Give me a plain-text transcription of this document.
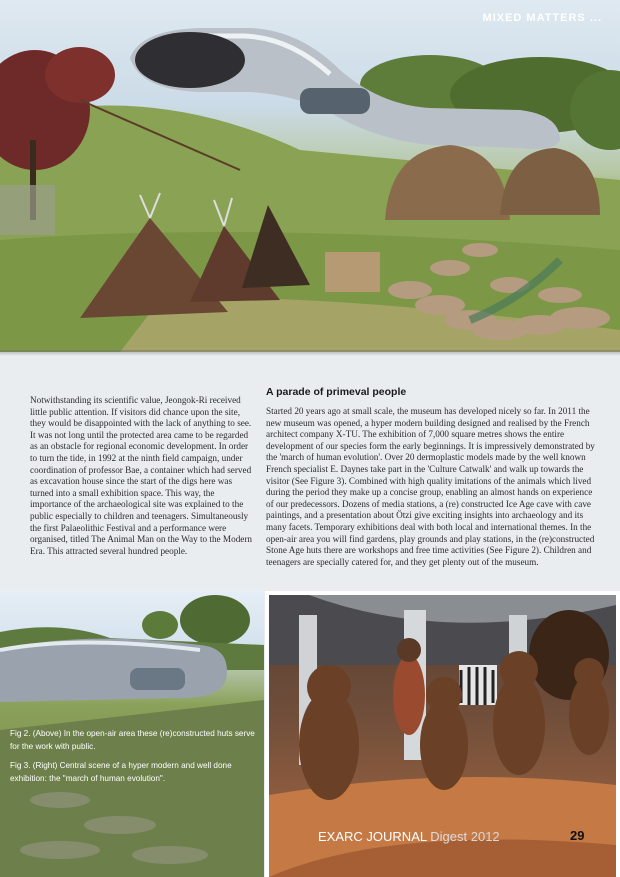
MIXED MATTERS ...
Notwithstanding its scientific value, Jeongok-Ri received little public attention. If visitors did chance upon the site, they would be disappointed with the lack of anything to see. It was not long until the protected area came to be regarded as an obstacle for regional economic development. In order to turn the tide, in 1992 at the ninth field campaign, under coordination of professor Bae, a container which had served as excavation house since the start of the digs here was turned into a small exhibition space. This way, the importance of the archaeological site was explained to the public especially to children and teenagers. Simultaneously the first Palaeolithic Festival and a performance were organised, titled The Animal Man on the Way to the Modern Era. This attracted several hundred people.
A parade of primeval people

Started 20 years ago at small scale, the museum has developed nicely so far. In 2011 the new museum was opened, a hyper modern building designed and realised by the French architect company X-TU. The exhibition of 7,000 square metres shows the entire development of our species form the early beginnings. It is impressively demonstrated by the 'march of human evolution'. Over 20 dermoplastic models made by the well known French specialist E. Daynes take part in the 'Culture Catwalk' and walk up towards the visitor (See Figure 3). Combined with high quality imitations of the animals which lived during the period they make up a concise group, enabling an almost hands on experience of our predecessors. Dozens of media stations, a (re) constructed Ice Age cave with cave paintings, and a presentation about Ötzi give exciting insights into archaeology and its many facets. Temporary exhibitions deal with both local and international themes. In the open-air area you will find gardens, play grounds and play stations, in the (re)constructed Stone Age huts there are workshops and free time activities (See Figure 2). Children and teenagers are specially catered for, and they get plenty out of the museum.

Fig 2. (Above) In the open-air area these (re)constructed huts serve for the work with public.

Fig 3. (Right) Central scene of a hyper modern and well done exhibition: the "march of human evolution".

EXARC JOURNAL Digest 2012	29
